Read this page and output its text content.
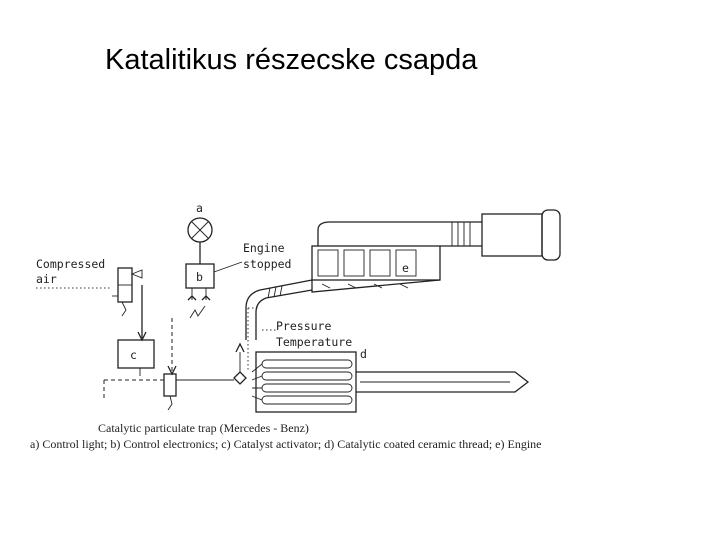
Katalitikus részecske csapda
a
b
Compressed
air
Engine
stopped
c
Pressure
Temperature
e
d
Catalytic particulate trap (Mercedes - Benz)
a) Control light; b) Control electronics; c) Catalyst activator; d) Catalytic coated ceramic thread; e) Engine
